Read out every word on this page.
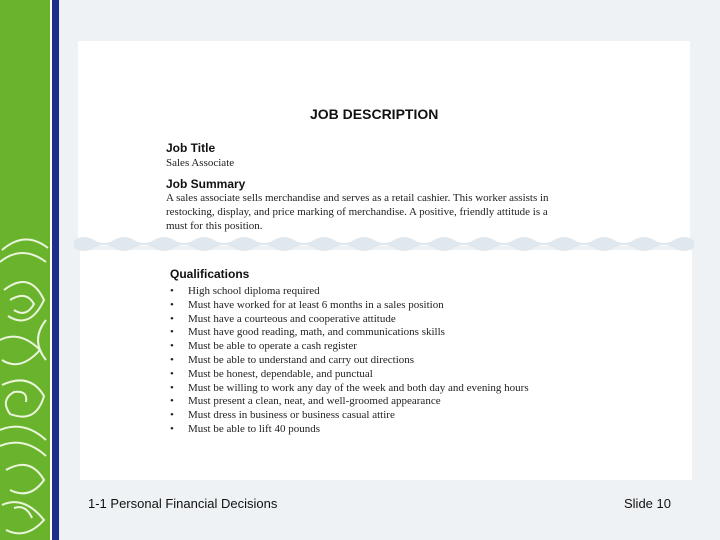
JOB DESCRIPTION
Job Title
Sales Associate
Job Summary
A sales associate sells merchandise and serves as a retail cashier. This worker assists in
restocking, display, and price marking of merchandise. A positive, friendly attitude is a
must for this position.
Qualifications
• High school diploma required
• Must have worked for at least 6 months in a sales position
• Must have a courteous and cooperative attitude
• Must have good reading, math, and communications skills
• Must be able to operate a cash register
• Must be able to understand and carry out directions
• Must be honest, dependable, and punctual
• Must be willing to work any day of the week and both day and evening hours
• Must present a clean, neat, and well-groomed appearance
• Must dress in business or business casual attire
• Must be able to lift 40 pounds
1-1 Personal Financial Decisions	Slide 10
